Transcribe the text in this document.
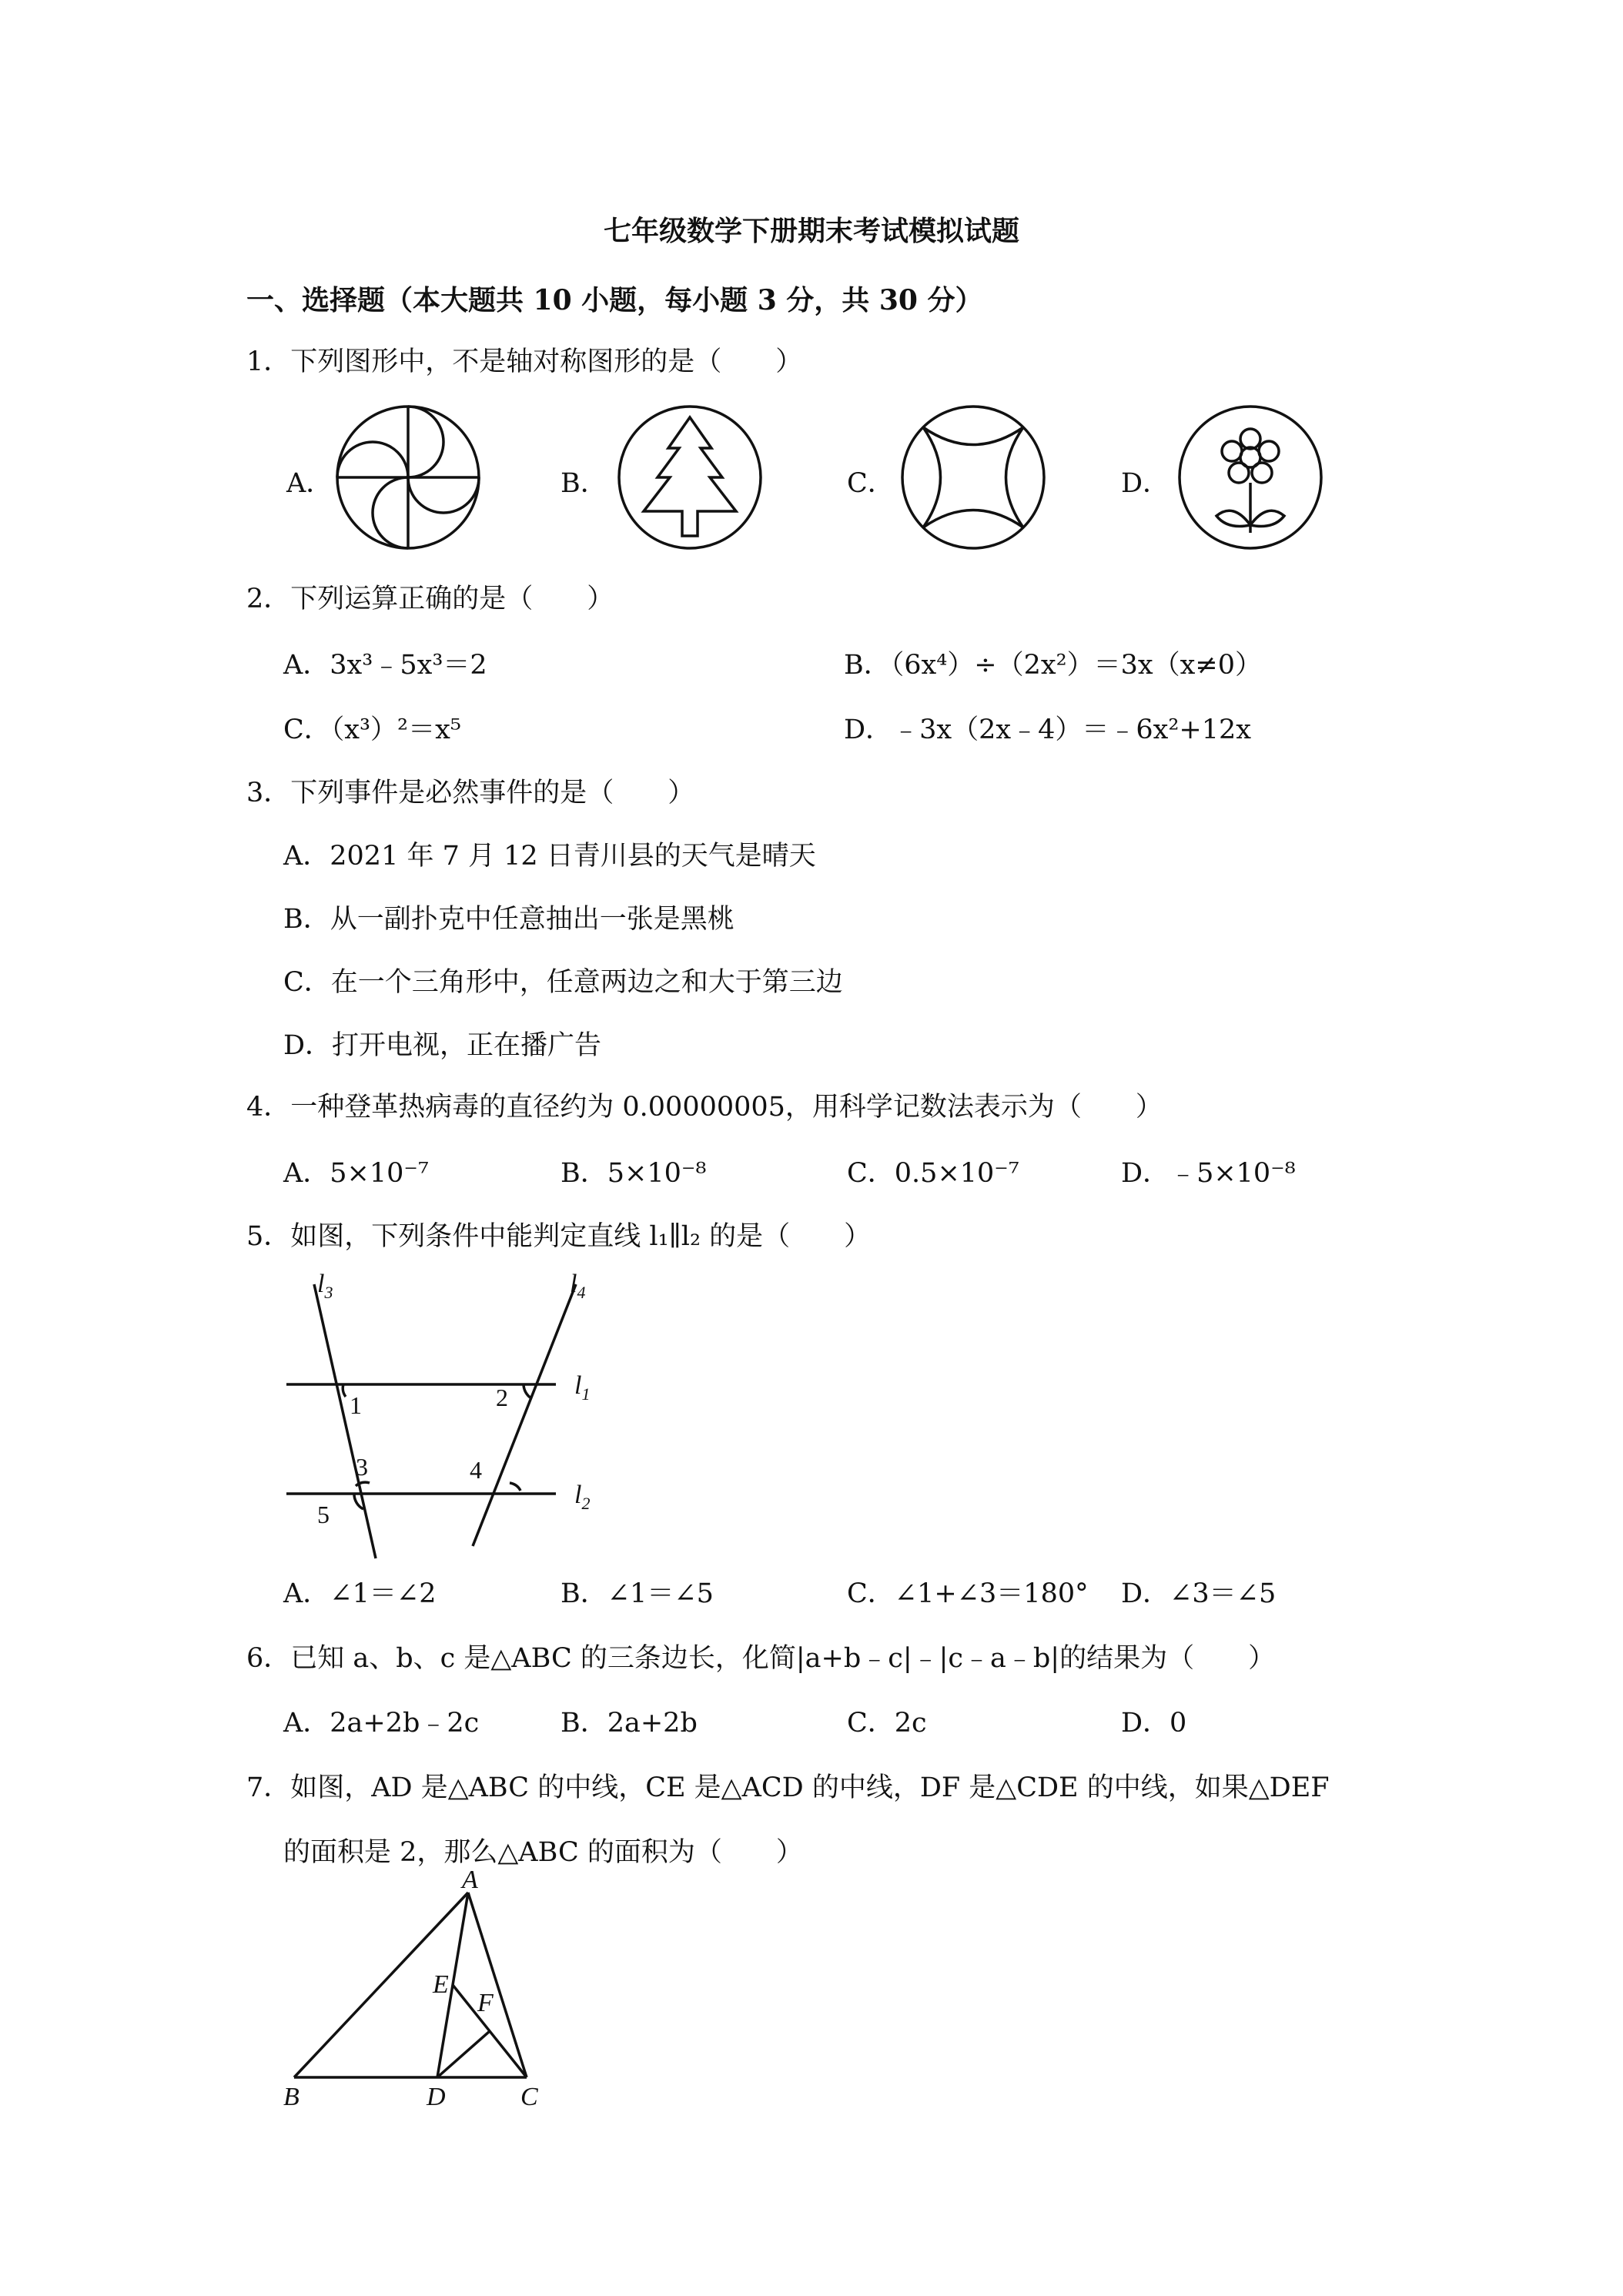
七年级数学下册期末考试模拟试题
一、选择题（本大题共 10 小题，每小题 3 分，共 30 分）
1．下列图形中，不是轴对称图形的是（　　）
A．	B．	C．	D．
2．下列运算正确的是（　　）
A．3x³﹣5x³＝2	B．（6x⁴）÷（2x²）＝3x（x≠0）
C．（x³）²＝x⁵	D．﹣3x（2x﹣4）＝﹣6x²+12x
3．下列事件是必然事件的是（　　）
A．2021 年 7 月 12 日青川县的天气是晴天
B．从一副扑克中任意抽出一张是黑桃
C．在一个三角形中，任意两边之和大于第三边
D．打开电视，正在播广告
4．一种登革热病毒的直径约为 0.00000005，用科学记数法表示为（　　）
A．5×10⁻⁷	B．5×10⁻⁸	C．0.5×10⁻⁷	D．﹣5×10⁻⁸
5．如图，下列条件中能判定直线 l₁∥l₂ 的是（　　）
$l_3$	$l_4$
$l_1$
$l_2$
1	2
3	4
5
A．∠1＝∠2	B．∠1＝∠5	C．∠1+∠3＝180° D．∠3＝∠5
6．已知 a、b、c 是△ABC 的三条边长，化简|a+b﹣c|﹣|c﹣a﹣b|的结果为（　　）
A．2a+2b﹣2c	B．2a+2b	C．2c	D．0
7．如图，AD 是△ABC 的中线，CE 是△ACD 的中线，DF 是△CDE 的中线，如果△DEF
的面积是 2，那么△ABC 的面积为（　　）
A
B	C
D
E
F
